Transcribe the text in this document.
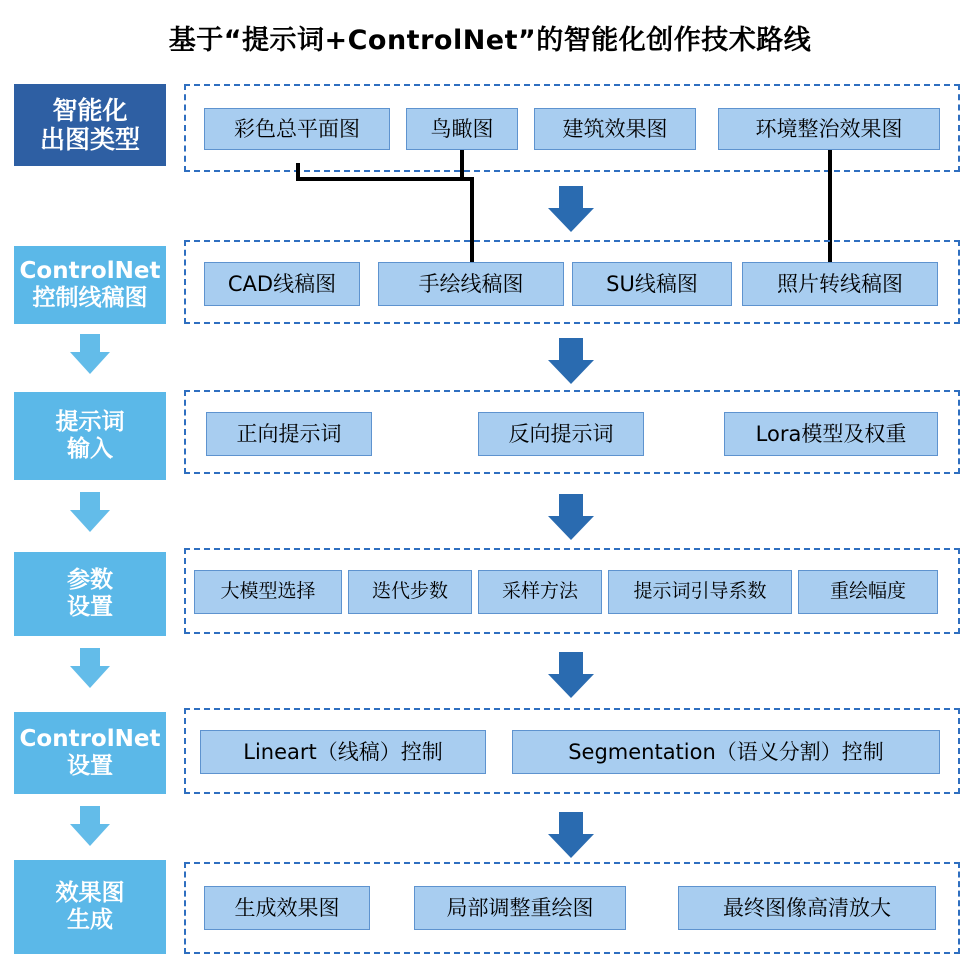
基于“提示词+ControlNet”的智能化创作技术路线
智能化
出图类型
ControlNet
控制线稿图
提示词
输入
参数
设置
ControlNet
设置
效果图
生成
彩色总平面图	鸟瞰图	建筑效果图	环境整治效果图
CAD线稿图	手绘线稿图	SU线稿图	照片转线稿图
正向提示词	反向提示词	Lora模型及权重
大模型选择	迭代步数	采样方法	提示词引导系数	重绘幅度
Lineart（线稿）控制	Segmentation（语义分割）控制
生成效果图	局部调整重绘图	最终图像高清放大
